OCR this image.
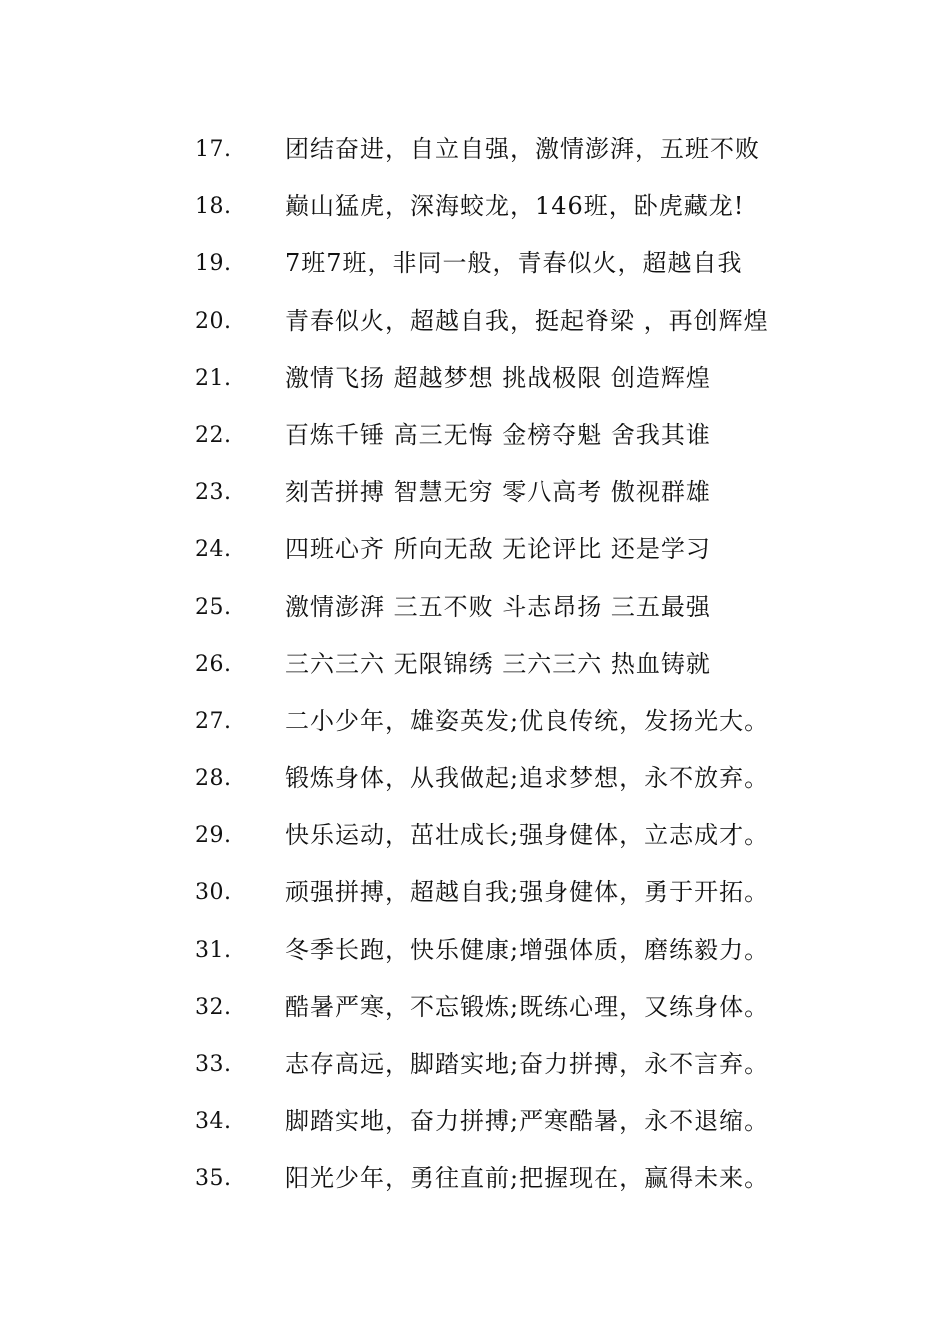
17. 团结奋进，自立自强，激情澎湃，五班不败
18. 巅山猛虎，深海蛟龙，146班，卧虎藏龙!
19. 7班7班，非同一般，青春似火，超越自我
20. 青春似火，超越自我，挺起脊梁 ，再创辉煌
21. 激情飞扬 超越梦想 挑战极限 创造辉煌
22. 百炼千锤 高三无悔 金榜夺魁 舍我其谁
23. 刻苦拼搏 智慧无穷 零八高考 傲视群雄
24. 四班心齐 所向无敌 无论评比 还是学习
25. 激情澎湃 三五不败 斗志昂扬 三五最强
26. 三六三六 无限锦绣 三六三六 热血铸就
27. 二小少年，雄姿英发;优良传统，发扬光大。
28. 锻炼身体，从我做起;追求梦想，永不放弃。
29. 快乐运动，茁壮成长;强身健体，立志成才。
30. 顽强拼搏，超越自我;强身健体，勇于开拓。
31. 冬季长跑，快乐健康;增强体质，磨练毅力。
32. 酷暑严寒，不忘锻炼;既练心理，又练身体。
33. 志存高远，脚踏实地;奋力拼搏，永不言弃。
34. 脚踏实地，奋力拼搏;严寒酷暑，永不退缩。
35. 阳光少年，勇往直前;把握现在，赢得未来。
